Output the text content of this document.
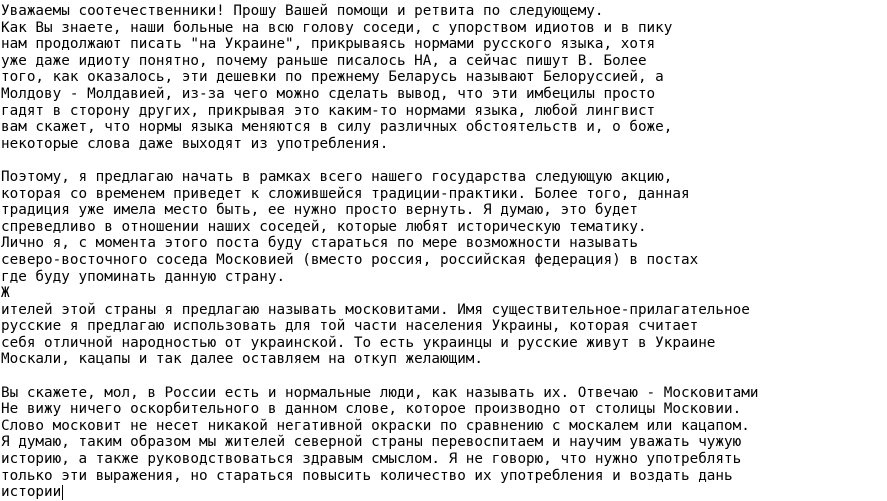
Уважаемы соотечественники! Прошу Вашей помощи и ретвита по следующему.
Как Вы знаете, наши больные на всю голову соседи, с упорством идиотов и в пику
нам продолжают писать "на Украине", прикрываясь нормами русского языка, хотя
уже даже идиоту понятно, почему раньше писалось НА, а сейчас пишут В. Более
того, как оказалось, эти дешевки по прежнему Беларусь называют Белоруссией, а
Молдову - Молдавией, из-за чего можно сделать вывод, что эти имбецилы просто
гадят в сторону других, прикрывая это каким-то нормами языка, любой лингвист
вам скажет, что нормы языка меняются в силу различных обстоятельств и, о боже,
некоторые слова даже выходят из употребления.
Поэтому, я предлагаю начать в рамках всего нашего государства следующую акцию,
которая со временем приведет к сложившейся традиции-практики. Более того, данная
традиция уже имела место быть, ее нужно просто вернуть. Я думаю, это будет
спреведливо в отношении наших соседей, которые любят историческую тематику.
Лично я, с момента этого поста буду стараться по мере возможности называть
северо-восточного соседа Московией (вместо россия, российская федерация) в постах
где буду упоминать данную страну.
Ж
ителей этой страны я предлагаю называть московитами. Имя существительное-прилагательное
русские я предлагаю использовать для той части населения Украины, которая считает
себя отличной народностью от украинской. То есть украинцы и русские живут в Украине
Москали, кацапы и так далее оставляем на откуп желающим.
Вы скажете, мол, в России есть и нормальные люди, как называть их. Отвечаю - Московитами
Не вижу ничего оскорбительного в данном слове, которое производно от столицы Московии.
Слово московит не несет никакой негативной окраски по сравнению с москалем или кацапом.
Я думаю, таким образом мы жителей северной страны перевоспитаем и научим уважать чужую
историю, а также руководствоваться здравым смыслом. Я не говорю, что нужно употреблять
только эти выражения, но стараться повысить количество их употребления и воздать дань
истории
